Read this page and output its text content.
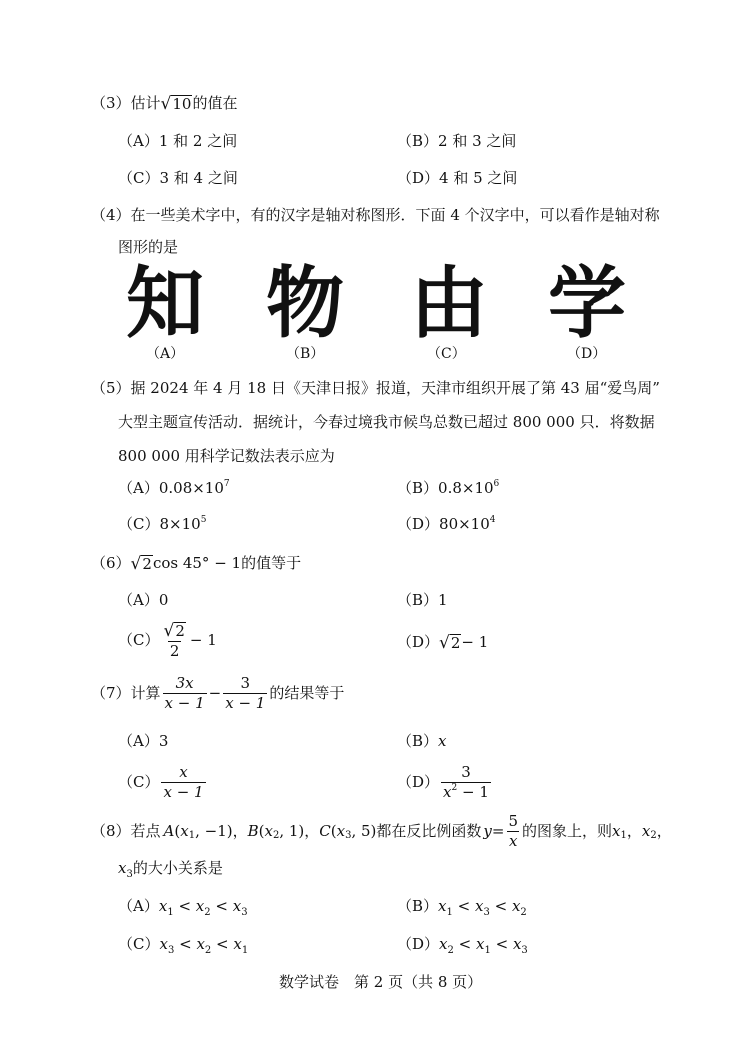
（3）估计 √ 10 的值在
（A）1 和 2 之间	（B）2 和 3 之间
（C）3 和 4 之间	（D）4 和 5 之间
（4）在一些美术字中，有的汉字是轴对称图形．下面 4 个汉字中，可以看作是轴对称
图形的是
知 物 由 学
（A）	（B）	（C）	（D）
（5）据 2024 年 4 月 18 日《天津日报》报道，天津市组织开展了第 43 届“爱鸟周”
大型主题宣传活动．据统计，今春过境我市候鸟总数已超过 800 000 只．将数据
800 000 用科学记数法表示应为
$(A)0.08\times 10^7$	$(B)0.8\times 10^6$
$(C)8\times 10^5$	$(D)80\times 10^4$
（6） √ 2 cos 45° − 1的值等于
（A）0	（B）1
$(C) \frac{√ 2}{2} - 1$	（D） √ 2 − 1
（7）计算 $\frac{3x}{x - 1} - \frac{3}{x - 1}$ 的结果等于
（A）3	（B）x
$(C) \frac{x}{x - 1}$	$(D) \frac{3}{x^2 - 1}$
（8）若点 A ( x 1 , −1)， B ( x 2 , 1)， C ( x 3 , 5) 都在反比例函数 $y = \frac{5}{x}$ 的图象上，则 x 1 ， x 2 ，
$x_3$的大小关系是
$(A)x_1 < x_2 < x_3$	$(B)x_1 < x_3 < x_2$
$(C)x_3 < x_2 < x_1$	$(D)x_2 < x_1 < x_3$
数学试卷　第 2 页（共 8 页）
